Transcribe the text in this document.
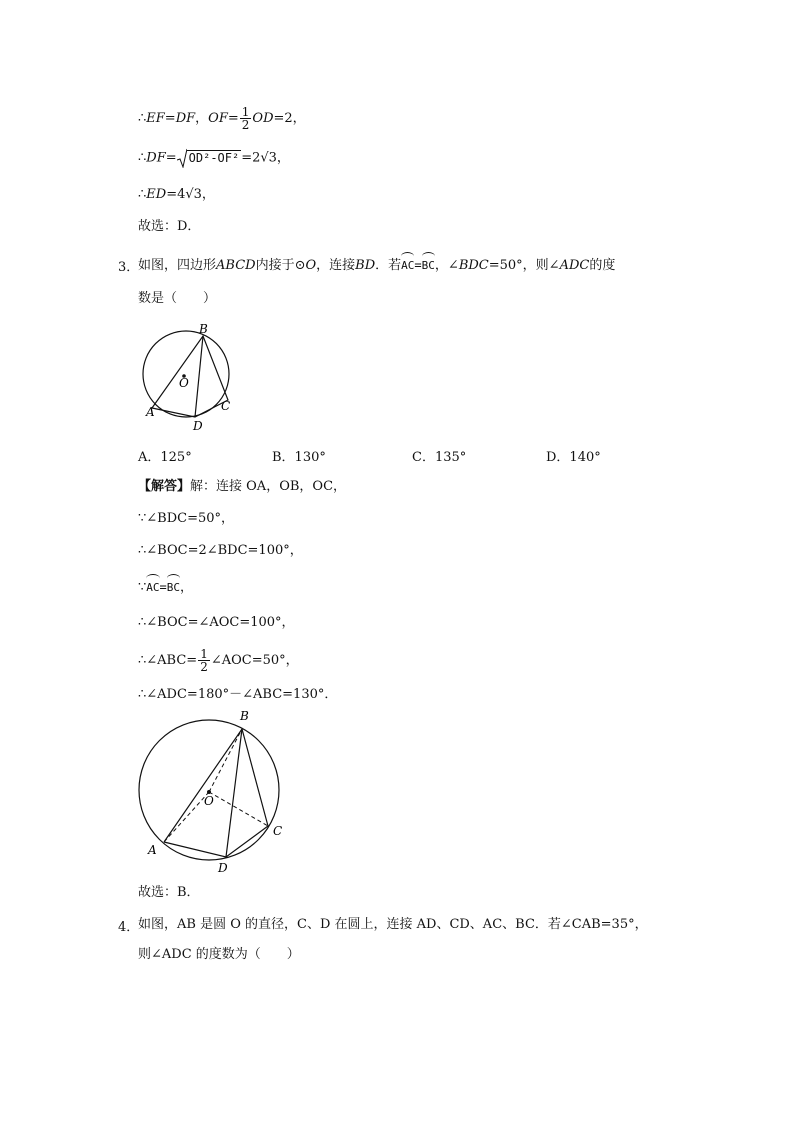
∴EF=DF，$OF= \frac{1}{2} OD=2$，
∴DF= OD²-OF² =2√3，
∴ED=4√3，
故选：D．
3．
如图，四边形ABCD内接于⊙O，连接BD．若AC=BC，∠BDC=50°，则∠ADC的度
数是（　　）
B
O
A
D
C
A．125°	B．130°	C．135°	D．140°
【解答】解：连接 OA，OB，OC，
∵∠BDC=50°，
∴∠BOC=2∠BDC=100°，
∵AC=BC，
∴∠BOC=∠AOC=100°，
∴∠ABC= $\frac{1}{2}$ ∠AOC=50°，
∴∠ADC=180°－∠ABC=130°．
B
O
A
D
C
故选：B．
4．
如图，AB 是圆 O 的直径，C、D 在圆上，连接 AD、CD、AC、BC．若∠CAB=35°，
则∠ADC 的度数为（　　）
